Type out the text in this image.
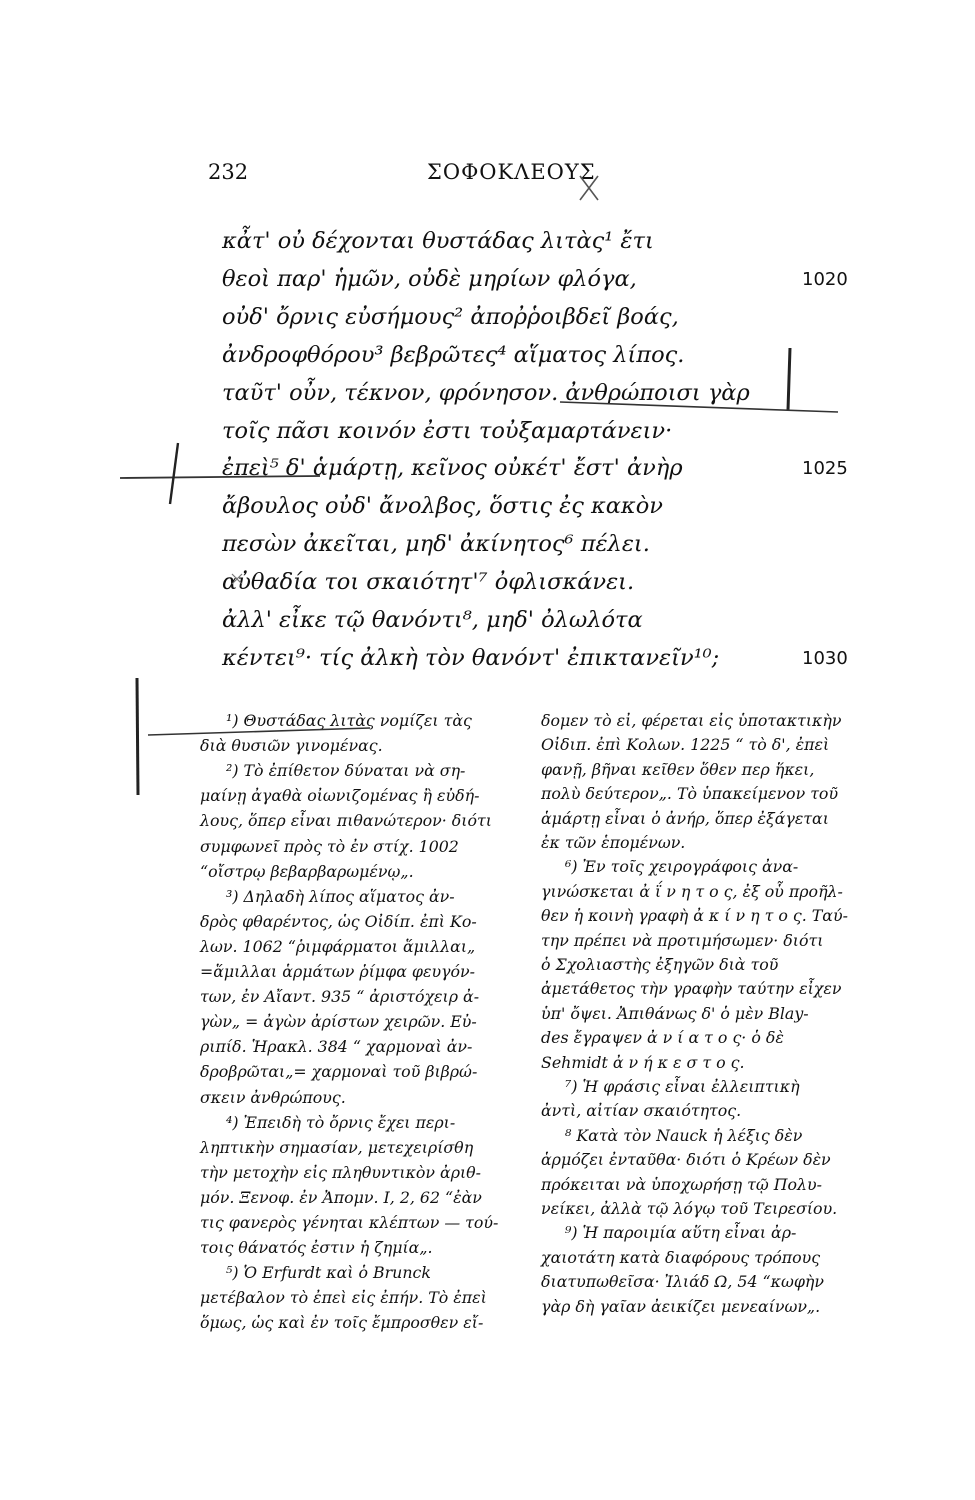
232	ΣΟΦΟΚΛΕΟΥΣ
κἆτ' οὐ δέχονται θυστάδας λιτὰς¹ ἔτι
θεοὶ παρ' ἡμῶν, οὐδὲ μηρίων φλόγα,	1020
οὐδ' ὄρνις εὐσήμους² ἀποῤῥοιβδεῖ βοάς,
ἀνδροφθόρου³ βεβρῶτες⁴ αἵματος λίπος.
ταῦτ' οὖν, τέκνον, φρόνησον. ἀνθρώποισι γὰρ
τοῖς πᾶσι κοινόν ἐστι τοὐξαμαρτάνειν·
ἐπεὶ⁵ δ' ἁμάρτῃ, κεῖνος οὐκέτ' ἔστ' ἀνὴρ	1025
ἄβουλος οὐδ' ἄνολβος, ὅστις ἐς κακὸν
πεσὼν ἀκεῖται, μηδ' ἀκίνητος⁶ πέλει.
αὐθαδία τοι σκαιότητ'⁷ ὀφλισκάνει.
ἀλλ' εἶκε τῷ θανόντι⁸, μηδ' ὀλωλότα
κέντει⁹· τίς ἀλκὴ τὸν θανόντ' ἐπικτανεῖν¹⁰;	1030
¹) Θυστάδας λιτὰς νομίζει τὰς
διὰ θυσιῶν γινομένας.
²) Τὸ ἐπίθετον δύναται νὰ ση-
μαίνῃ ἀγαθὰ οἰωνιζομένας ἢ εὐδή-
λους, ὅπερ εἶναι πιθανώτερον· διότι
συμφωνεῖ πρὸς τὸ ἐν στίχ. 1002
“οἴστρῳ βεβαρβαρωμένῳ„.
³) Δηλαδὴ λίπος αἵματος ἀν-
δρὸς φθαρέντος, ὡς Οἰδίπ. ἐπὶ Κο-
λων. 1062 “ῥιμφάρματοι ἅμιλλαι„
=ἅμιλλαι ἁρμάτων ῥίμφα φευγόν-
των, ἐν Αἴαντ. 935 “ ἀριστόχειρ ἀ-
γὼν„ = ἀγὼν ἀρίστων χειρῶν. Εὐ-
ριπίδ. Ἡρακλ. 384 “ χαρμοναὶ ἀν-
δροβρῶται„= χαρμοναὶ τοῦ βιβρώ-
σκειν ἀνθρώπους.
⁴) Ἐπειδὴ τὸ ὄρνις ἔχει περι-
ληπτικὴν σημασίαν, μετεχειρίσθη
τὴν μετοχὴν εἰς πληθυντικὸν ἀριθ-
μόν. Ξενοφ. ἐν Ἀπομν. Ι, 2, 62 “ἐὰν
τις φανερὸς γένηται κλέπτων — τού-
τοις θάνατός ἐστιν ἡ ζημία„.
⁵) Ὁ Erfurdt καὶ ὁ Brunck
μετέβαλον τὸ ἐπεὶ εἰς ἐπήν. Τὸ ἐπεὶ
ὅμως, ὡς καὶ ἐν τοῖς ἔμπροσθεν εἴ-
δομεν τὸ εἰ, φέρεται εἰς ὑποτακτικὴν
Οἰδιπ. ἐπὶ Κολων. 1225 “ τὸ δ', ἐπεὶ
φανῇ, βῆναι κεῖθεν ὅθεν περ ἥκει,
πολὺ δεύτερον„. Τὸ ὑπακείμενον τοῦ
ἁμάρτῃ εἶναι ὁ ἀνήρ, ὅπερ ἐξάγεται
ἐκ τῶν ἑπομένων.
⁶) Ἐν τοῖς χειρογράφοις ἀνα-
γινώσκεται ἀ ΐ ν η τ ο ς, ἐξ οὗ προῆλ-
θεν ἡ κοινὴ γραφὴ ἀ κ ί ν η τ ο ς. Ταύ-
την πρέπει νὰ προτιμήσωμεν· διότι
ὁ Σχολιαστὴς ἐξηγῶν διὰ τοῦ
ἀμετάθετος τὴν γραφὴν ταύτην εἶχεν
ὑπ' ὄψει. Ἀπιθάνως δ' ὁ μὲν Blay-
des ἔγραψεν ἀ ν ί α τ ο ς· ὁ δὲ
Sehmidt ἀ ν ή κ ε σ τ ο ς.
⁷) Ἡ φράσις εἶναι ἐλλειπτικὴ
ἀντὶ, αἰτίαν σκαιότητος.
⁸ Κατὰ τὸν Nauck ἡ λέξις δὲν
ἁρμόζει ἐνταῦθα· διότι ὁ Κρέων δὲν
πρόκειται νὰ ὑποχωρήσῃ τῷ Πολυ-
νείκει, ἀλλὰ τῷ λόγῳ τοῦ Τειρεσίου.
⁹) Ἡ παροιμία αὕτη εἶναι ἀρ-
χαιοτάτη κατὰ διαφόρους τρόπους
διατυπωθεῖσα· Ἰλιάδ Ω, 54 “κωφὴν
γὰρ δὴ γαῖαν ἀεικίζει μενεαίνων„.
